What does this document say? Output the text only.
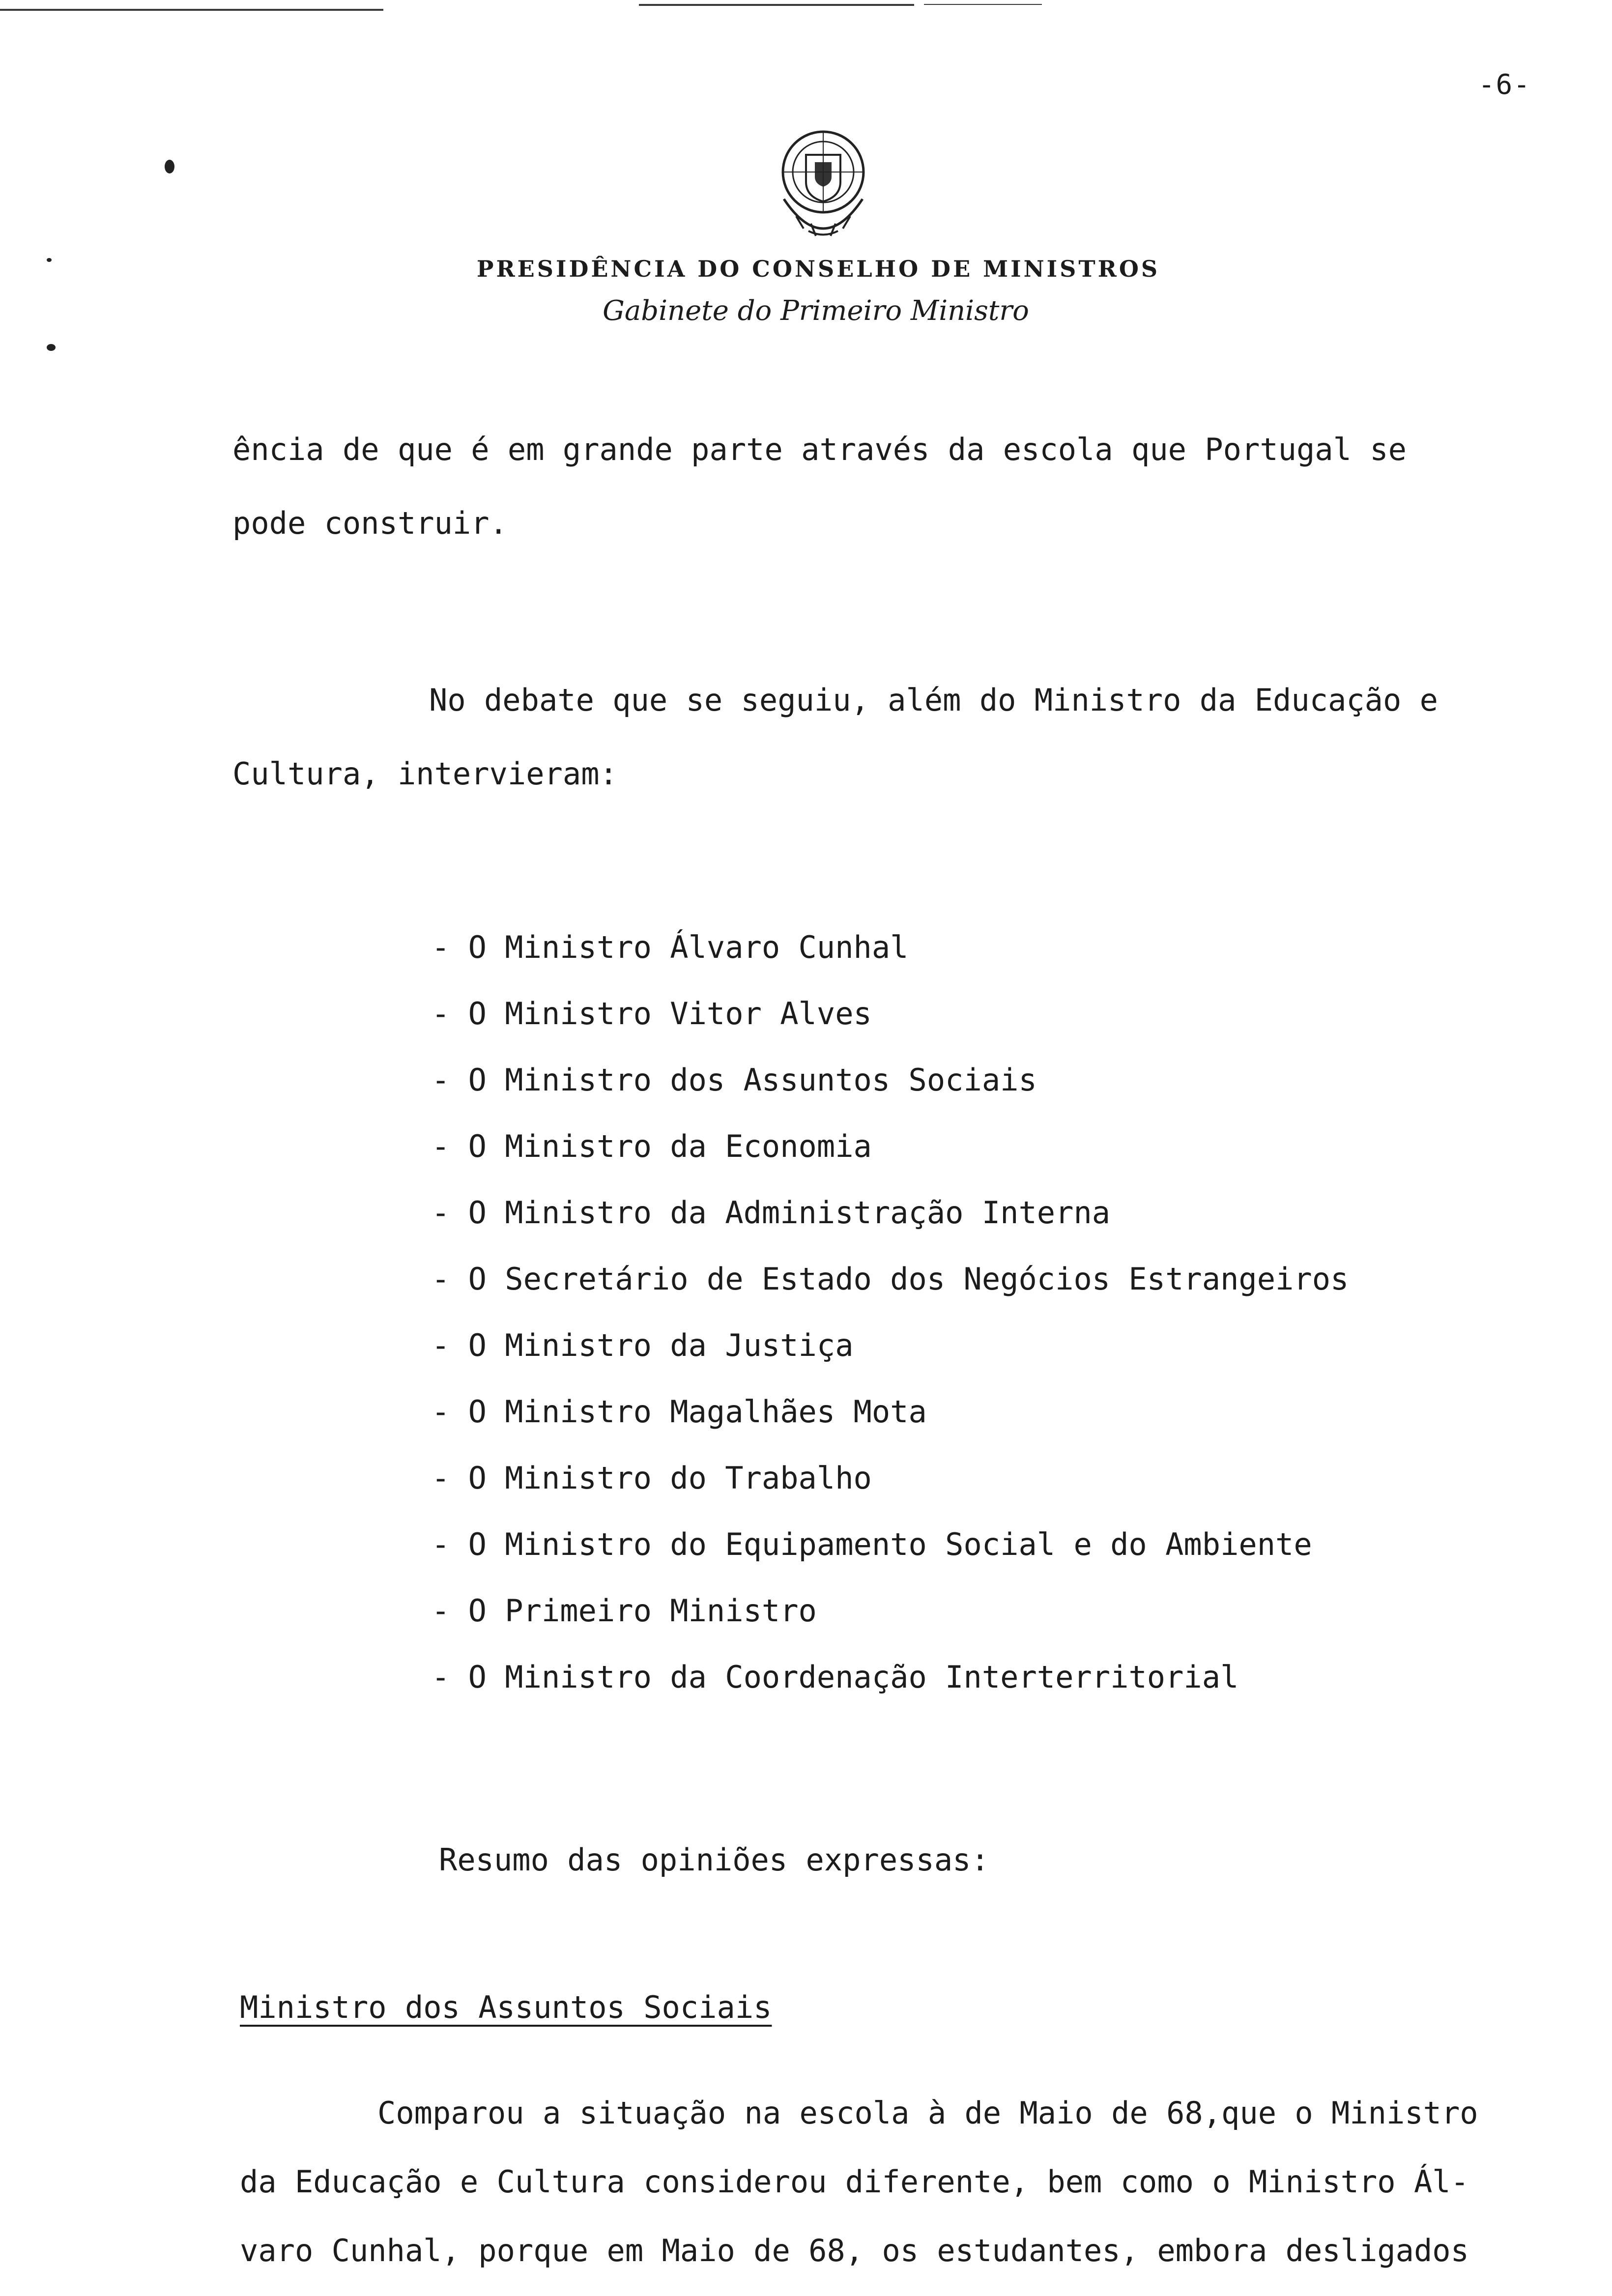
-6-
PRESIDÊNCIA DO CONSELHO DE MINISTROS
Gabinete do Primeiro Ministro

ência de que é em grande parte através da escola que Portugal se

pode construir.

No debate que se seguiu, além do Ministro da Educação e

Cultura, intervieram:

- O Ministro Álvaro Cunhal
- O Ministro Vitor Alves
- O Ministro dos Assuntos Sociais
- O Ministro da Economia
- O Ministro da Administração Interna
- O Secretário de Estado dos Negócios Estrangeiros
- O Ministro da Justiça
- O Ministro Magalhães Mota
- O Ministro do Trabalho
- O Ministro do Equipamento Social e do Ambiente
- O Primeiro Ministro
- O Ministro da Coordenação Interterritorial

Resumo das opiniões expressas:

Ministro dos Assuntos Sociais

Comparou a situação na escola à de Maio de 68,que o Ministro
da Educação e Cultura considerou diferente, bem como o Ministro Ál-
varo Cunhal, porque em Maio de 68, os estudantes, embora desligados
